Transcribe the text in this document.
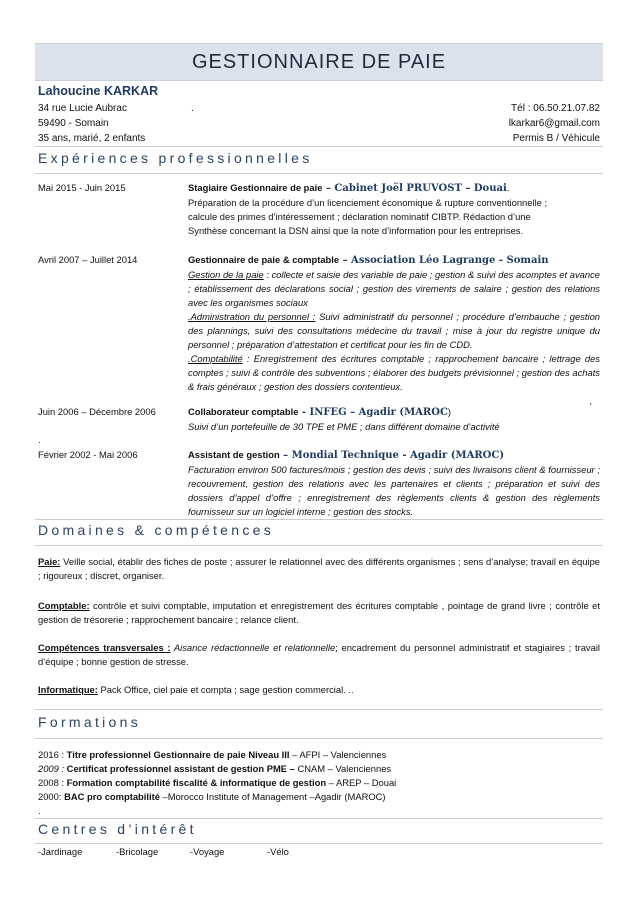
GESTIONNAIRE DE PAIE
Lahoucine KARKAR
.
34 rue Lucie Aubrac	Tél : 06.50.21.07.82
59490 - Somain	lkarkar6@gmail.com
35 ans, marié, 2 enfants	Permis B / Véhicule
Expériences professionnelles
Mai 2015 - Juin 2015	Stagiaire Gestionnaire de paie – Cabinet Joël PRUVOST – Douai.
Préparation de la procédure d’un licenciement économique & rupture conventionnelle ;
calcule des primes d’intéressement ; déclaration nominatif CIBTP. Rédaction d’une
Synthèse concernant la DSN ainsi que la note d’information pour les entreprises.
Avril 2007 – Juillet 2014	Gestionnaire de paie & comptable – Association Léo Lagrange - Somain
Gestion de la paie : collecte et saisie des variable de paie ; gestion & suivi des acomptes et avance ; établissement des déclarations social ; gestion des virements de salaire ; gestion des relations avec les organismes sociaux
.Administration du personnel : Suivi administratif du personnel ; procédure d’embauche ; gestion des plannings, suivi des consultations médecine du travail ; mise à jour du registre unique du personnel ; préparation d’attestation et certificat pour les fin de CDD.
.Comptabilité : Enregistrement des écritures comptable ; rapprochement bancaire ; lettrage des comptes ; suivi & contrôle des subventions ; élaborer des budgets prévisionnel ; gestion des achats & frais généraux ; gestion des dossiers contentieux.
,
Juin 2006 – Décembre 2006	Collaborateur comptable - INFEG – Agadir (MAROC)
Suivi d’un portefeuille de 30 TPE et PME ; dans différent domaine d’activité
.
Février 2002 - Mai 2006	Assistant de gestion – Mondial Technique - Agadir (MAROC)
Facturation environ 500 factures/mois ; gestion des devis ; suivi des livraisons client & fournisseur ; recouvrement, gestion des relations avec les partenaires et clients ; préparation et suivi des dossiers d’appel d’offre ; enregistrement des règlements clients & gestion des règlements fournisseur sur un logiciel interne ; gestion des stocks.
Domaines & compétences
Paie: Veille social, établir des fiches de poste ; assurer le relationnel avec des différents organismes ; sens d’analyse; travail en équipe ; rigoureux ; discret, organiser.
Comptable: contrôle et suivi comptable, imputation et enregistrement des écritures comptable , pointage de grand livre ; contrôle et gestion de trésorerie ; rapprochement bancaire ; relance client.
Compétences transversales : Aisance rédactionnelle et relationnelle; encadrement du personnel administratif et stagiaires ; travail d’équipe ; bonne gestion de stresse.
Informatique: Pack Office, ciel paie et compta ; sage gestion commercial. ..
Formations
2016 : Titre professionnel Gestionnaire de paie Niveau III – AFPI – Valenciennes
2009 : Certificat professionnel assistant de gestion PME – CNAM – Valenciennes
2008 : Formation comptabilité fiscalité & informatique de gestion – AREP – Douai
2000: BAC pro comptabilité –Morocco Institute of Management –Agadir (MAROC)
.
Centres d’intérêt
-Jardinage	-Bricolage	-Voyage	-Vélo
